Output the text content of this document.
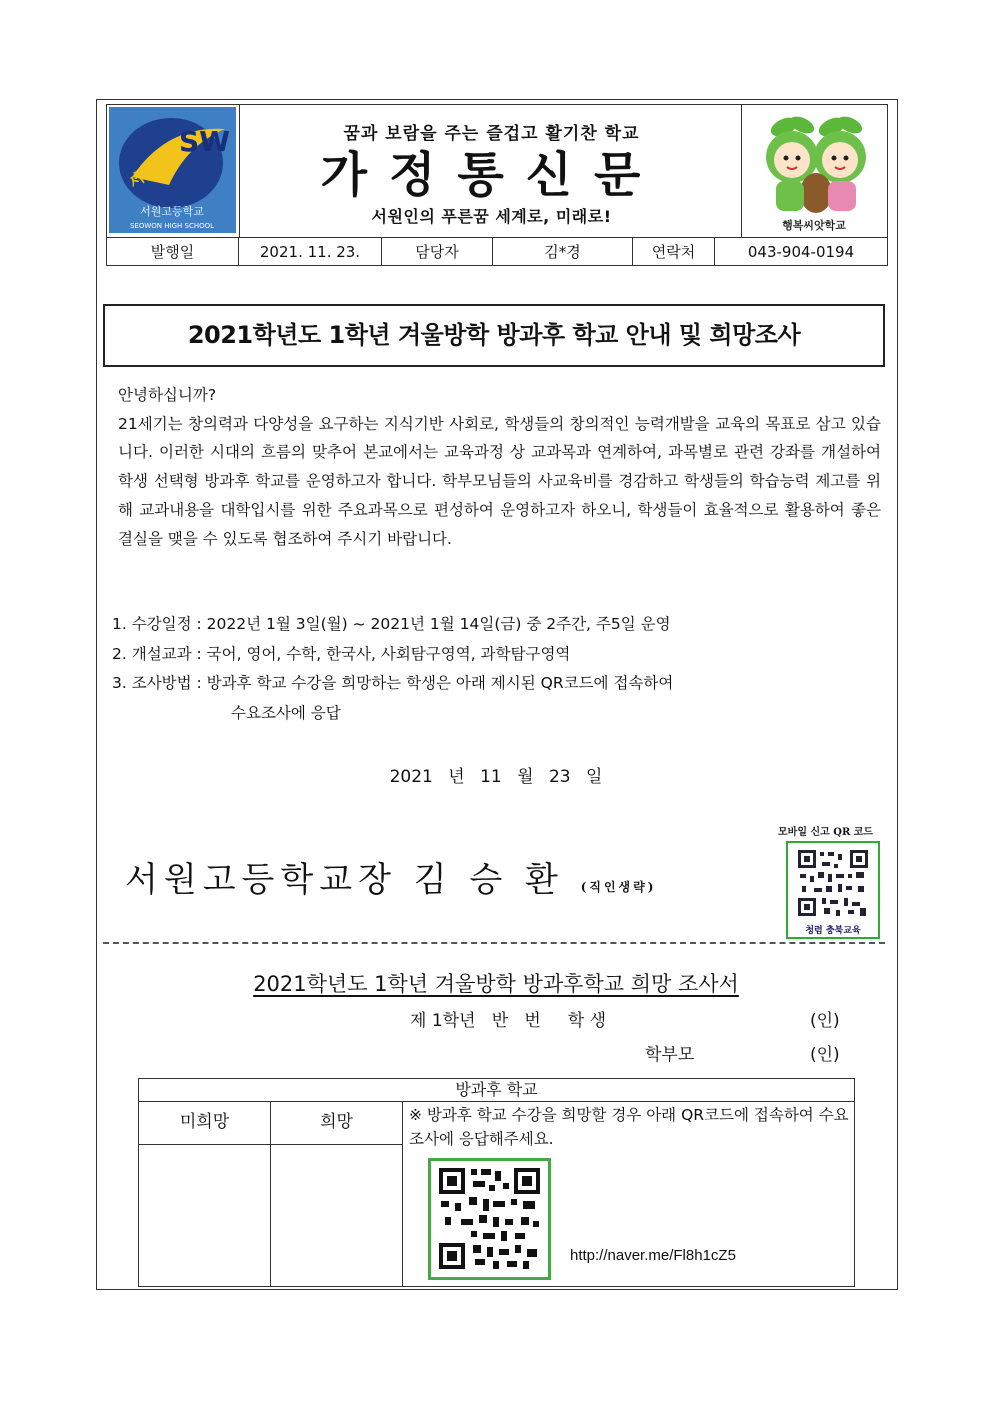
SW
서원고
서원고등학교
SEOWON HIGH SCHOOL
꿈과 보람을 주는 즐겁고 활기찬 학교
가정통신문
서원인의 푸른꿈 세계로, 미래로!	행복씨앗학교
발행일	2021. 11. 23.	담당자	김*경	연락처	043-904-0194
2021학년도 1학년 겨울방학 방과후 학교 안내 및 희망조사
안녕하십니까?
21세기는 창의력과 다양성을 요구하는 지식기반 사회로, 학생들의 창의적인 능력개발을 교육의 목표로 삼고 있습니다. 이러한 시대의 흐름의 맞추어 본교에서는 교육과정 상 교과목과 연계하여, 과목별로 관련 강좌를 개설하여 학생 선택형 방과후 학교를 운영하고자 합니다. 학부모님들의 사교육비를 경감하고 학생들의 학습능력 제고를 위해 교과내용을 대학입시를 위한 주요과목으로 편성하여 운영하고자 하오니, 학생들이 효율적으로 활용하여 좋은 결실을 맺을 수 있도록 협조하여 주시기 바랍니다.
1. 수강일정 : 2022년 1월 3일(월) ~ 2021년 1월 14일(금) 중 2주간, 주5일 운영
2. 개설교과 : 국어, 영어, 수학, 한국사, 사회탐구영역, 과학탐구영역
3. 조사방법 : 방과후 학교 수강을 희망하는 학생은 아래 제시된 QR코드에 접속하여
수요조사에 응답
2021 년 11 월 23 일
서원고등학교장 김 승 환 (직인생략)
모바일 신고 QR 코드
청렴 충북교육
2021학년도 1학년 겨울방학 방과후학교 희망 조사서
제 1학년   반   번     학 생	(인)
학부모	(인)
방과후 학교
미희망	희망	※ 방과후 학교 수강을 희망할 경우 아래 QR코드에 접속하여 수요조사에 응답해주세요.
http://naver.me/Fl8h1cZ5
